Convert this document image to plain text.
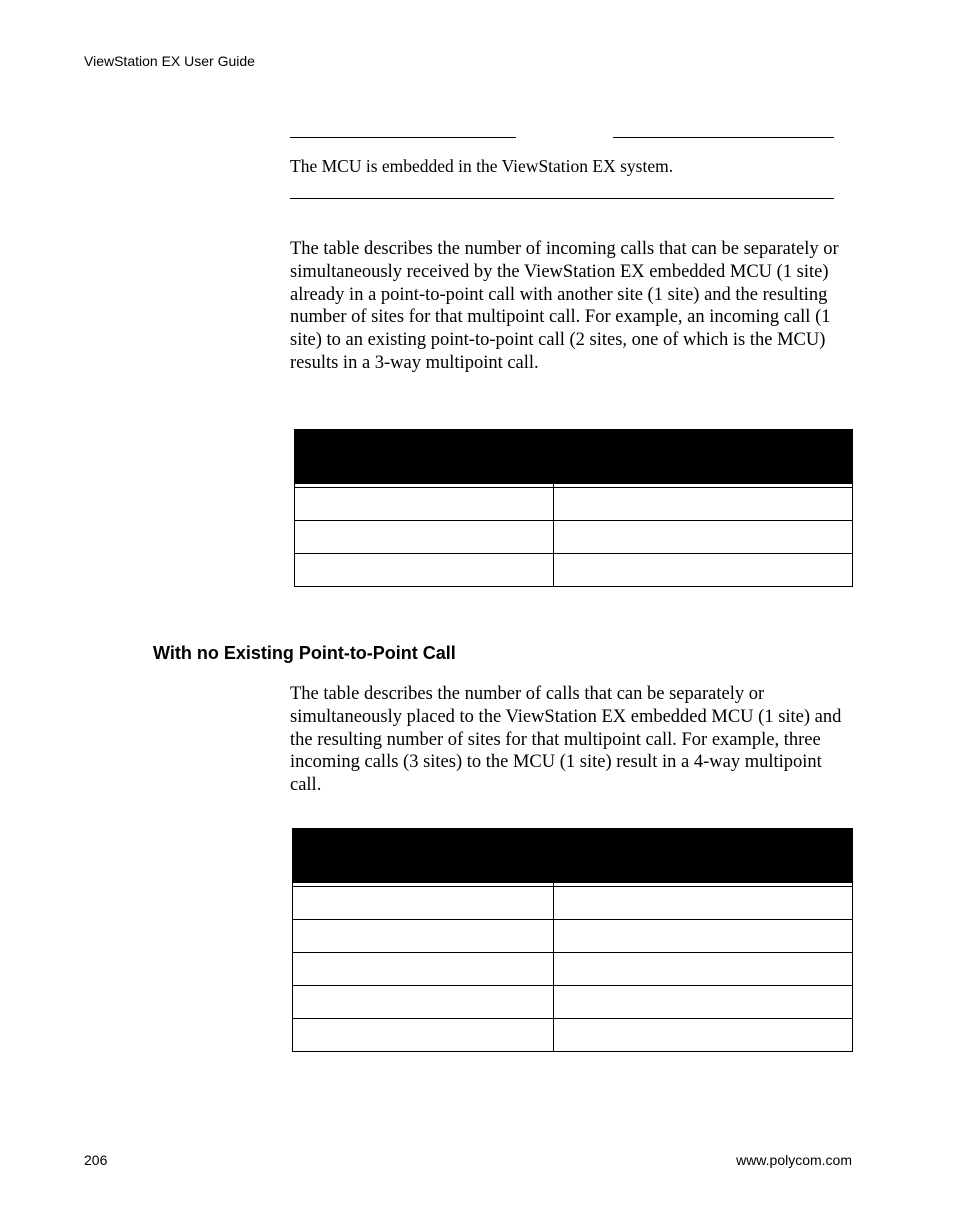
ViewStation EX User Guide
The MCU is embedded in the ViewStation EX system.
The table describes the number of incoming calls that can be separately or simultaneously received by the ViewStation EX embedded MCU (1 site) already in a point-to-point call with another site (1 site) and the resulting number of sites for that multipoint call. For example, an incoming call (1 site) to an existing point-to-point call (2 sites, one of which is the MCU) results in a 3-way multipoint call.

With no Existing Point-to-Point Call
The table describes the number of calls that can be separately or simultaneously placed to the ViewStation EX embedded MCU (1 site) and the resulting number of sites for that multipoint call. For example, three incoming calls (3 sites) to the MCU (1 site) result in a 4-way multipoint call.

206	www.polycom.com
